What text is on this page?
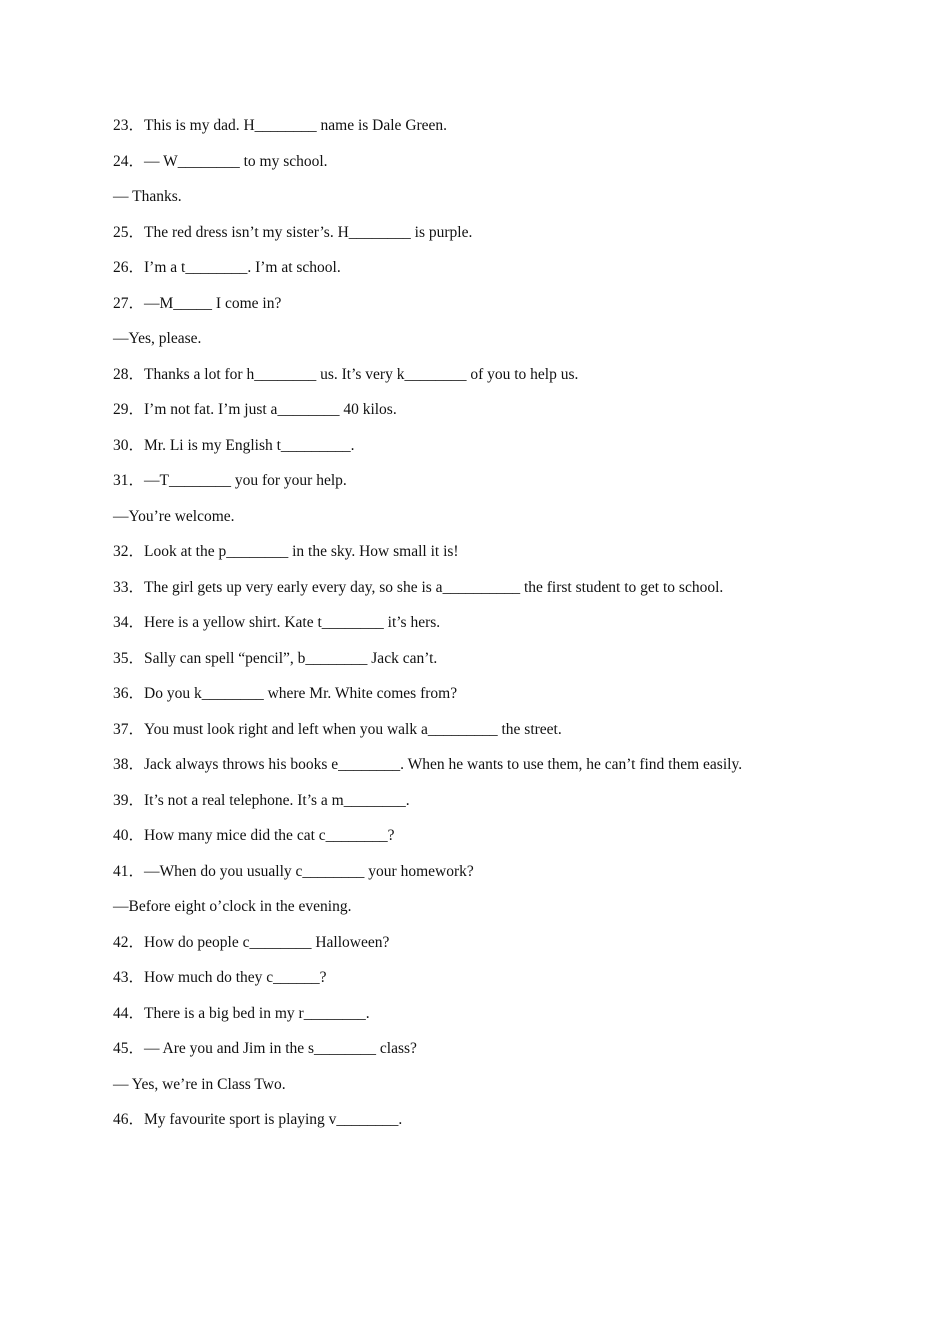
23．This is my dad. H________ name is Dale Green.
24．— W________ to my school.
— Thanks.
25．The red dress isn’t my sister’s. H________ is purple.
26．I’m a t________. I’m at school.
27．—M_____ I come in?
—Yes, please.
28．Thanks a lot for h________ us. It’s very k________ of you to help us.
29．I’m not fat. I’m just a________ 40 kilos.
30．Mr. Li is my English t_________.
31．—T________ you for your help.
—You’re welcome.
32．Look at the p________ in the sky. How small it is!
33．The girl gets up very early every day, so she is a__________ the first student to get to school.
34．Here is a yellow shirt. Kate t________ it’s hers.
35．Sally can spell “pencil”, b________ Jack can’t.
36．Do you k________ where Mr. White comes from?
37．You must look right and left when you walk a_________ the street.
38．Jack always throws his books e________. When he wants to use them, he can’t find them easily.
39．It’s not a real telephone. It’s a m________.
40．How many mice did the cat c________?
41．—When do you usually c________ your homework?
—Before eight o’clock in the evening.
42．How do people c________ Halloween?
43．How much do they c______?
44．There is a big bed in my r________.
45．— Are you and Jim in the s________ class?
— Yes, we’re in Class Two.
46．My favourite sport is playing v________.
